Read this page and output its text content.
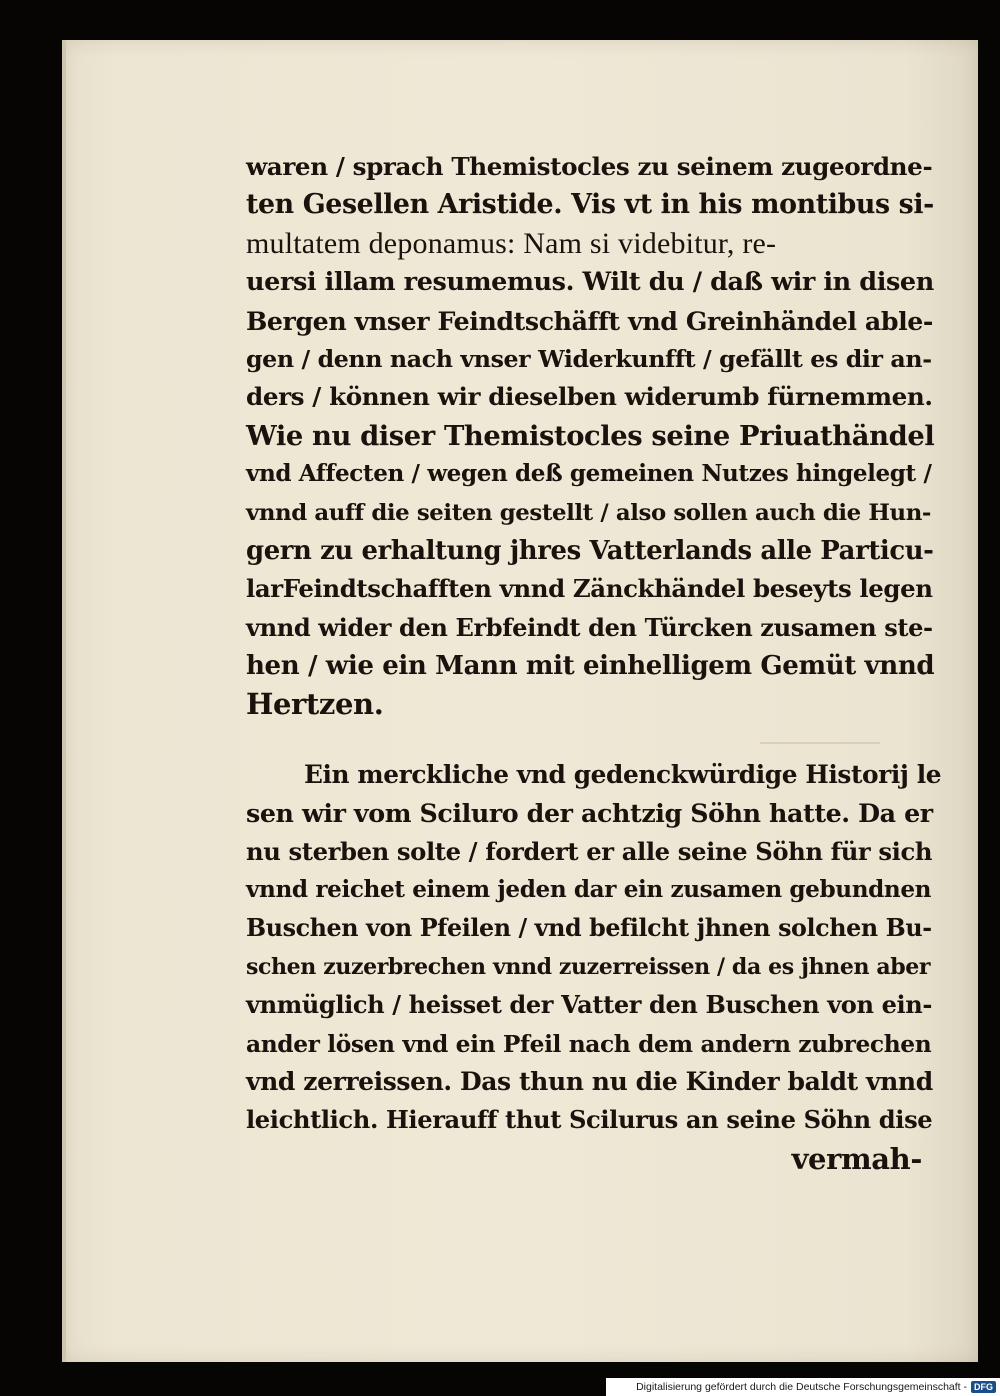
waren / sprach Themistocles zu seinem zugeordne-
ten Gesellen Aristide. Vis vt in his montibus si-
multatem deponamus: Nam si videbitur, re-
uersi illam resumemus. Wilt du / daß wir in disen
Bergen vnser Feindtschäfft vnd Greinhändel able-
gen / denn nach vnser Widerkunfft / gefällt es dir an-
ders / können wir dieselben widerumb fürnemmen.
Wie nu diser Themistocles seine Priuathändel
vnd Affecten / wegen deß gemeinen Nutzes hingelegt /
vnnd auff die seiten gestellt / also sollen auch die Hun-
gern zu erhaltung jhres Vatterlands alle Particu-
larFeindtschafften vnnd Zänckhändel beseyts legen
vnnd wider den Erbfeindt den Türcken zusamen ste-
hen / wie ein Mann mit einhelligem Gemüt vnnd
Hertzen.
Ein merckliche vnd gedenckwürdige Historij le
sen wir vom Sciluro der achtzig Söhn hatte. Da er
nu sterben solte / fordert er alle seine Söhn für sich
vnnd reichet einem jeden dar ein zusamen gebundnen
Buschen von Pfeilen / vnd befilcht jhnen solchen Bu-
schen zuzerbrechen vnnd zuzerreissen / da es jhnen aber
vnmüglich / heisset der Vatter den Buschen von ein-
ander lösen vnd ein Pfeil nach dem andern zubrechen
vnd zerreissen. Das thun nu die Kinder baldt vnnd
leichtlich. Hierauff thut Scilurus an seine Söhn dise
vermah-
Digitalisierung gefördert durch die Deutsche Forschungsgemeinschaft - DFG
